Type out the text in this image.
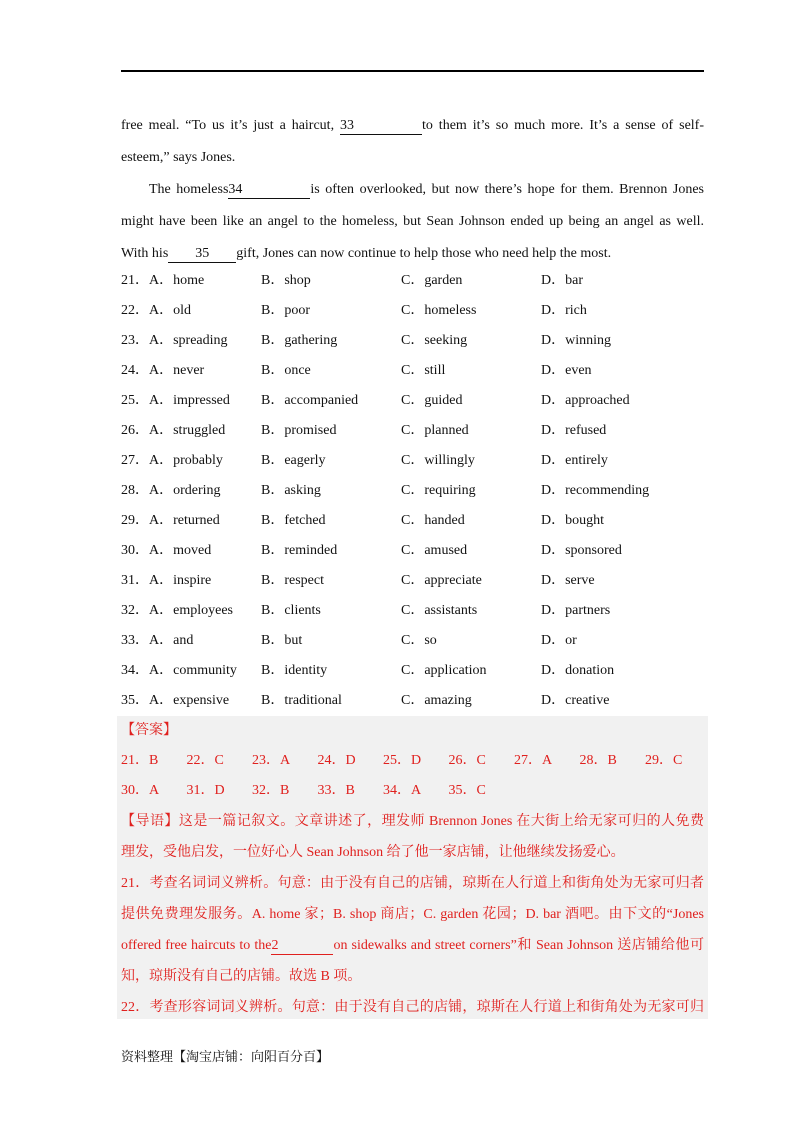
free meal. “To us it’s just a haircut, 33	to them it’s so much more. It’s a sense of self-
esteem,” says Jones.
The homeless34	is often overlooked, but now there’s hope for them. Brennon Jones
might have been like an angel to the homeless, but Sean Johnson ended up being an angel as well.
With his 35 gift, Jones can now continue to help those who need help the most.
21．A．home	B．shop	C．garden	D．bar
22．A．old	B．poor	C．homeless	D．rich
23．A．spreading B．gathering	C．seeking	D．winning
24．A．never	B．once	C．still	D．even
25．A．impressed B．accompanied	C．guided	D．approached
26．A．struggled	B．promised	C．planned	D．refused
27．A．probably	B．eagerly	C．willingly	D．entirely
28．A．ordering	B．asking	C．requiring	D．recommending
29．A．returned	B．fetched	C．handed	D．bought
30．A．moved	B．reminded	C．amused	D．sponsored
31．A．inspire	B．respect	C．appreciate	D．serve
32．A．employees B．clients	C．assistants	D．partners
33．A．and	B．but	C．so	D．or
34．A．community B．identity	C．application	D．donation
35．A．expensive B．traditional	C．amazing	D．creative
【答案】
21．B 22．C 23．A 24．D 25．D 26．C 27．A 28．B 29．C
30．A 31．D 32．B 33．B 34．A 35．C
【导语】这是一篇记叙文。文章讲述了，理发师 Brennon Jones 在大街上给无家可归的人免费
理发，受他启发，一位好心人 Sean Johnson 给了他一家店铺，让他继续发扬爱心。
21．考查名词词义辨析。句意：由于没有自己的店铺，琼斯在人行道上和街角处为无家可归者
提供免费理发服务。A. home 家；B. shop 商店；C. garden 花园；D. bar 酒吧。由下文的“Jones
offered free haircuts to the2	on sidewalks and street corners”和 Sean Johnson 送店铺给他可
知，琼斯没有自己的店铺。故选 B 项。
22．考查形容词词义辨析。句意：由于没有自己的店铺，琼斯在人行道上和街角处为无家可归
资料整理【淘宝店铺：向阳百分百】
